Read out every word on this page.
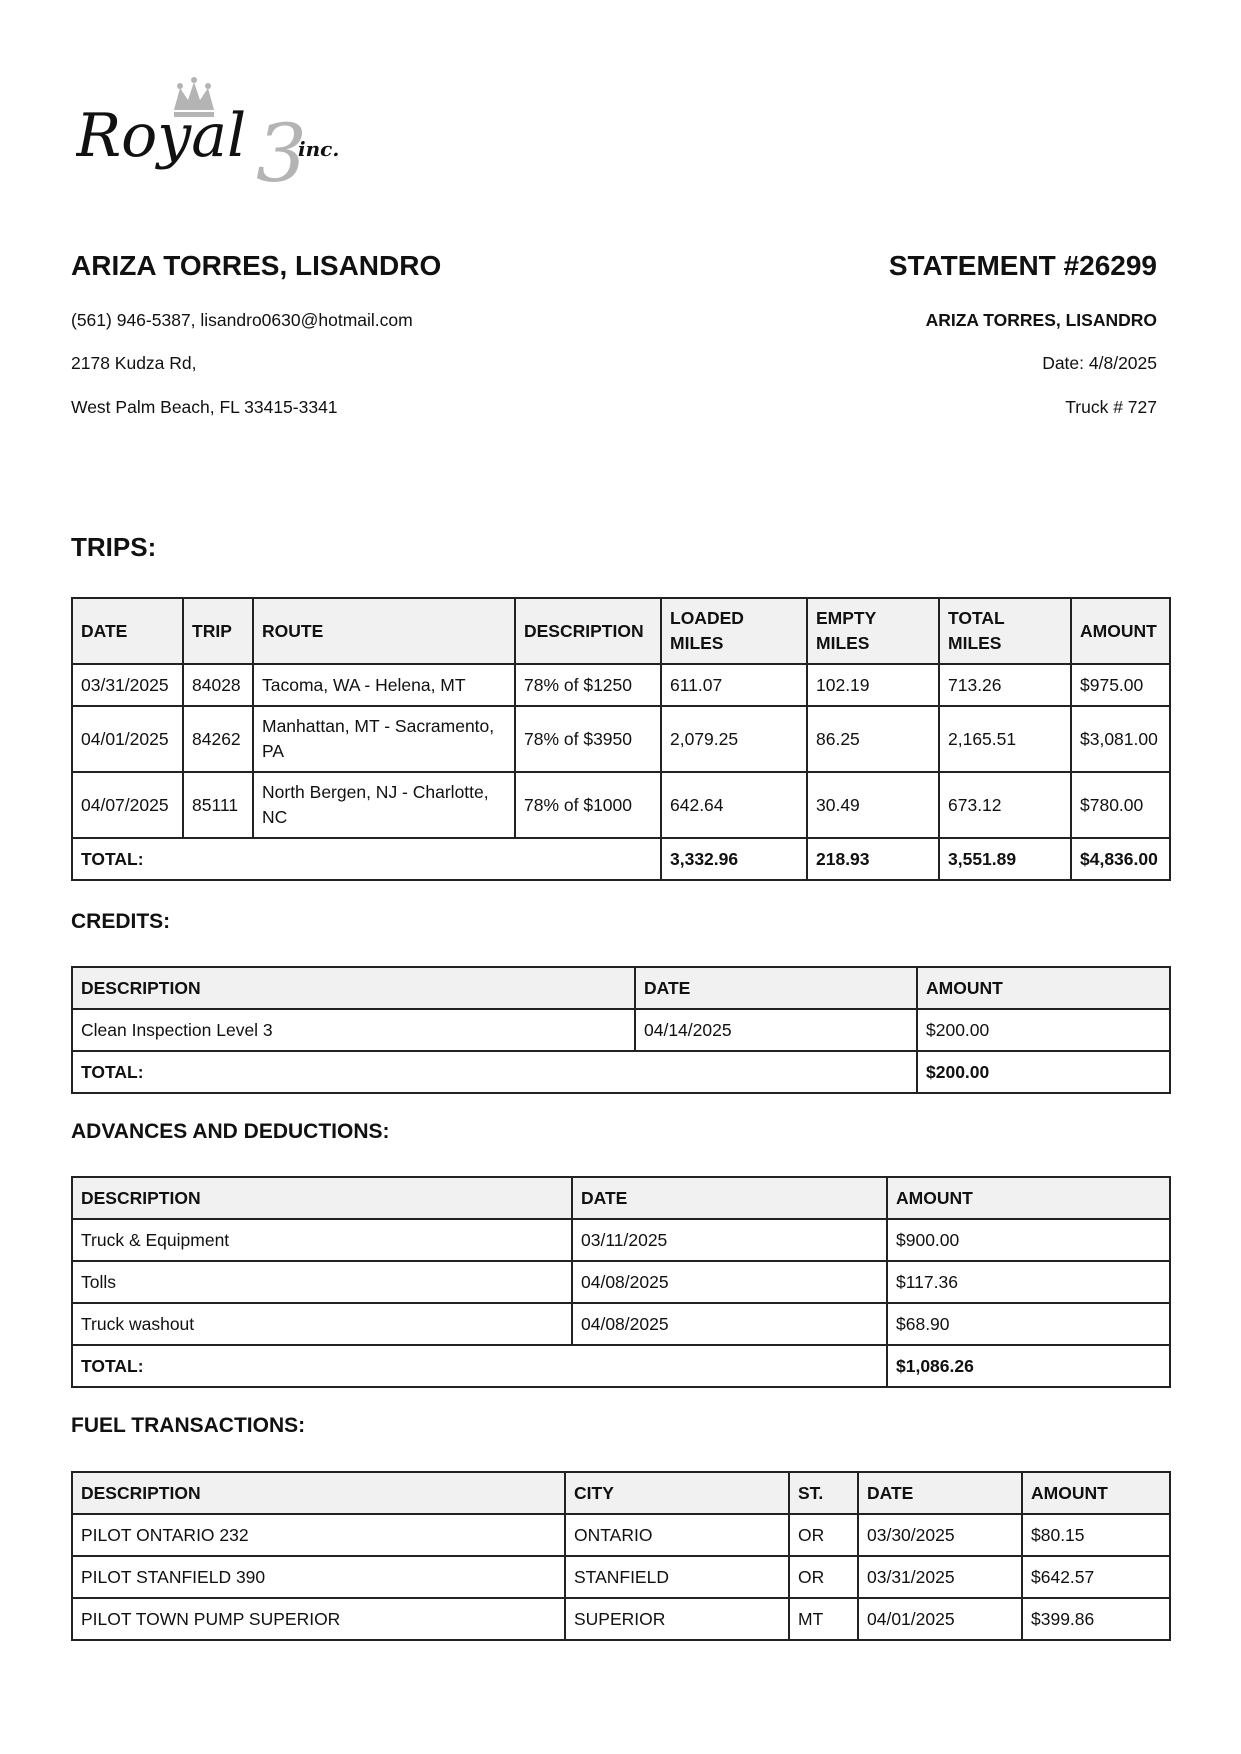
Royal 3
inc.
ARIZA TORRES, LISANDRO
(561) 946-5387, lisandro0630@hotmail.com
2178 Kudza Rd,
West Palm Beach, FL 33415-3341
STATEMENT #26299
ARIZA TORRES, LISANDRO
Date: 4/8/2025
Truck # 727
TRIPS:
DATE	TRIP	ROUTE	DESCRIPTION	LOADED MILES	EMPTY MILES	TOTAL MILES	AMOUNT
03/31/2025	84028	Tacoma, WA - Helena, MT	78% of $1250	611.07	102.19	713.26	$975.00
04/01/2025	84262	Manhattan, MT - Sacramento, PA	78% of $3950	2,079.25	86.25	2,165.51	$3,081.00
04/07/2025	85111	North Bergen, NJ - Charlotte, NC	78% of $1000	642.64	30.49	673.12	$780.00
TOTAL:				3,332.96	218.93	3,551.89	$4,836.00
CREDITS:
DESCRIPTION	DATE	AMOUNT
Clean Inspection Level 3	04/14/2025	$200.00
TOTAL:		$200.00
ADVANCES AND DEDUCTIONS:
DESCRIPTION	DATE	AMOUNT
Truck & Equipment	03/11/2025	$900.00
Tolls	04/08/2025	$117.36
Truck washout	04/08/2025	$68.90
TOTAL:		$1,086.26
FUEL TRANSACTIONS:
DESCRIPTION	CITY	ST.	DATE	AMOUNT
PILOT ONTARIO 232	ONTARIO	OR	03/30/2025	$80.15
PILOT STANFIELD 390	STANFIELD	OR	03/31/2025	$642.57
PILOT TOWN PUMP SUPERIOR	SUPERIOR	MT	04/01/2025	$399.86
